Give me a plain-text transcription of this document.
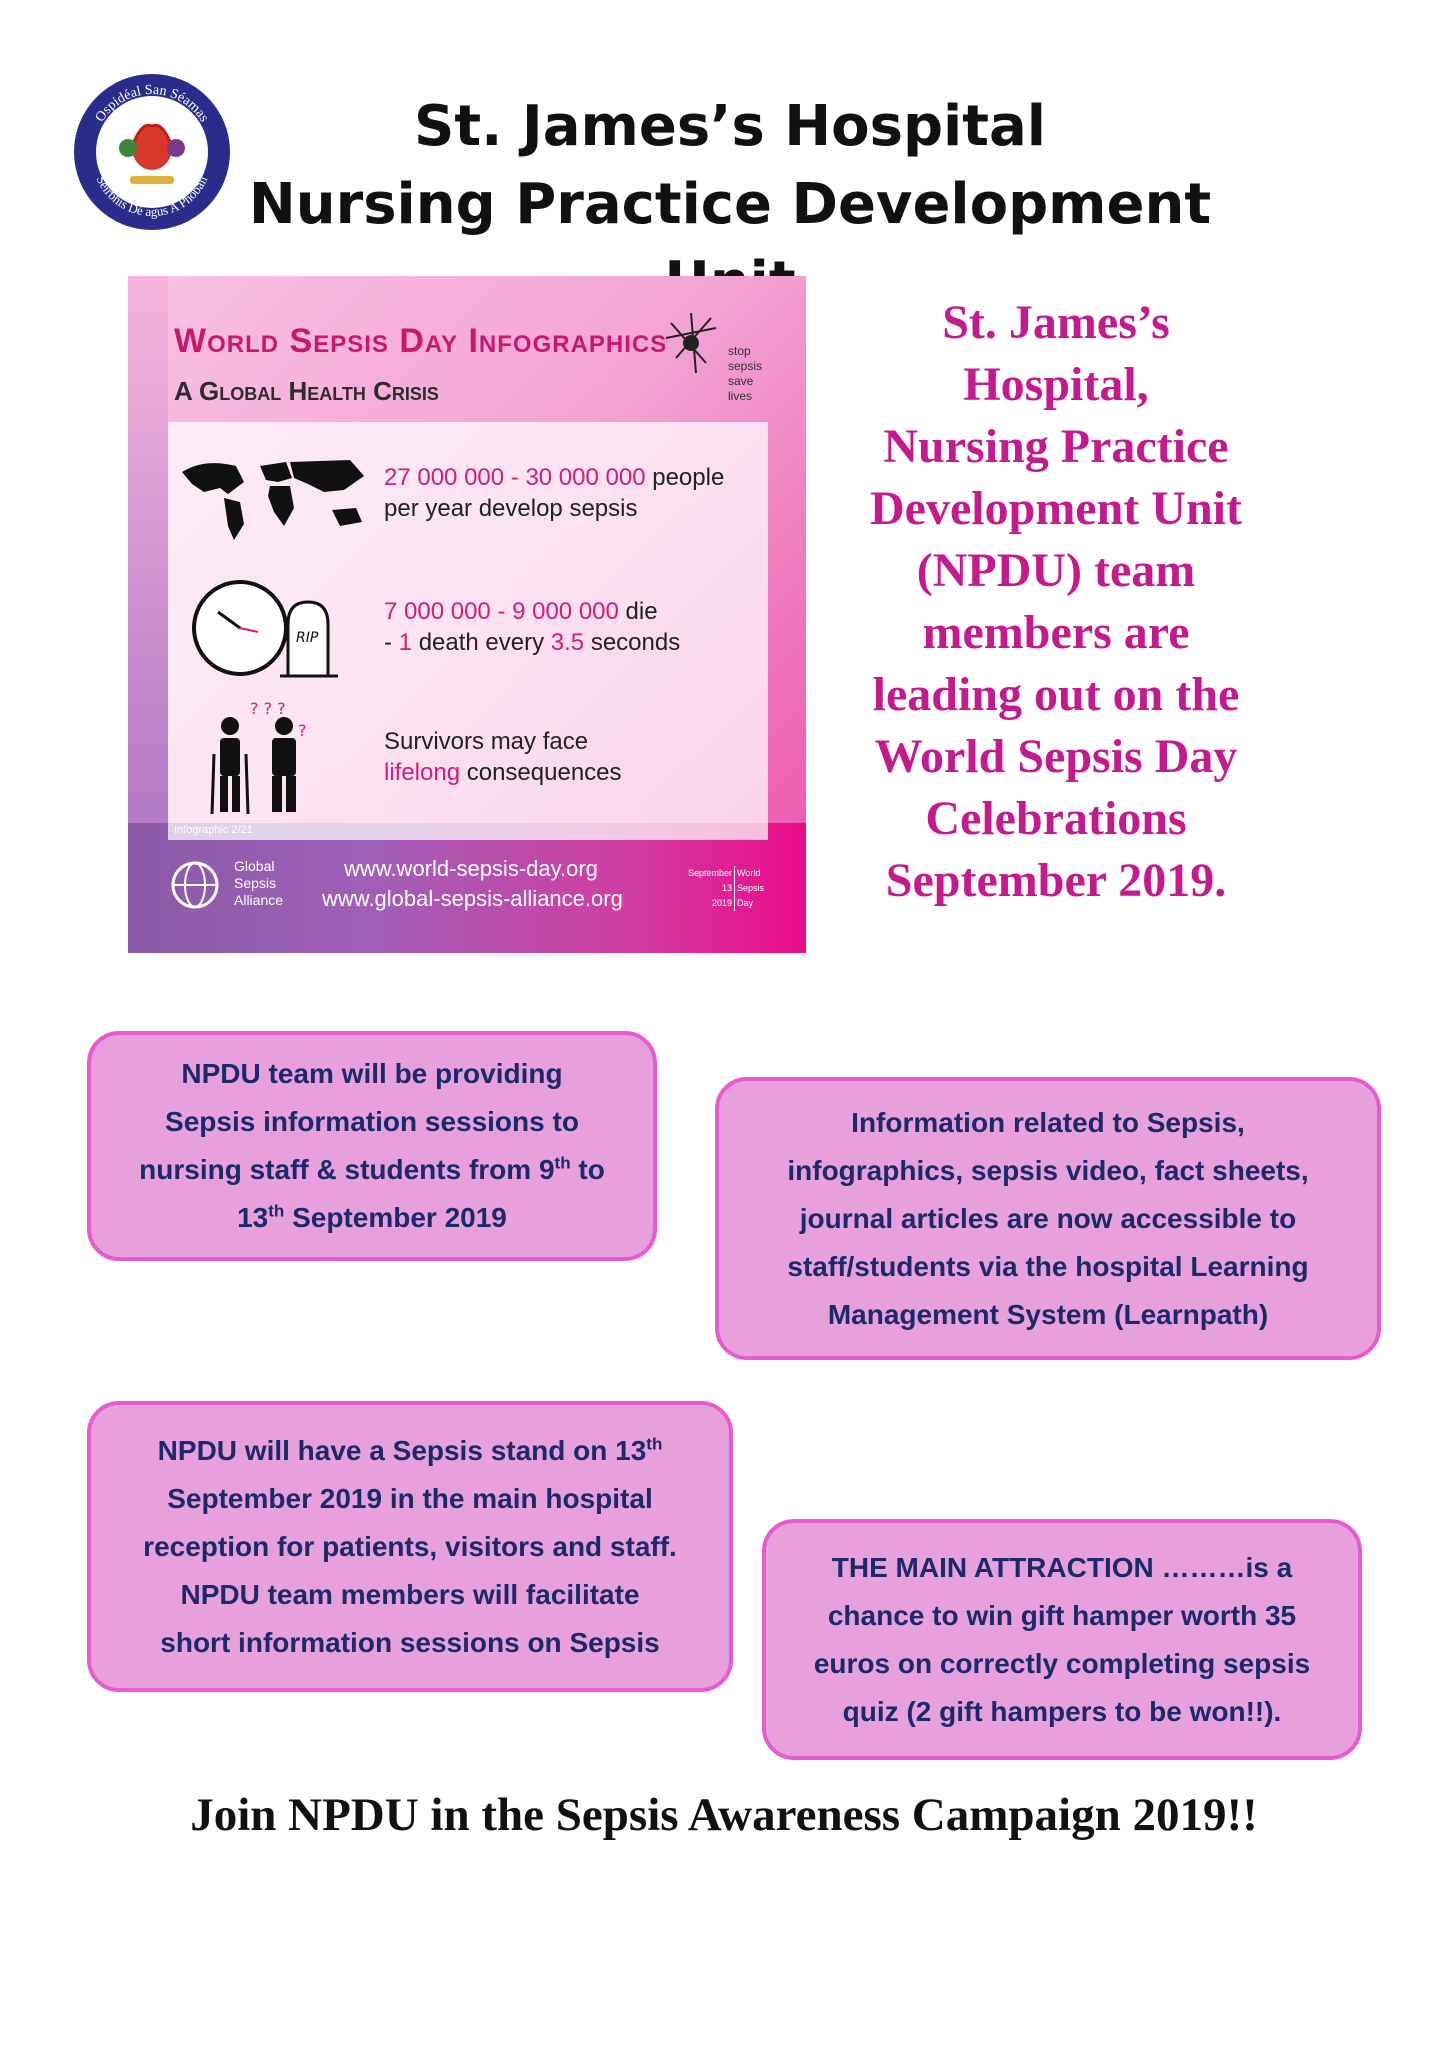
Ospidéal San Séamas
Seirbhís Dé agus A Phobail
St. James’s Hospital
Nursing Practice Development
World Sepsis Day Infographics
A Global Health Crisis
stop
sepsis
save
lives
27 000 000 - 30 000 000 people
per year develop sepsis
RIP
7 000 000 - 9 000 000 die
- 1 death every 3.5 seconds
? ? ?
?	Survivors may face
lifelong consequences
Infographic 2/21
Global
Sepsis
Alliance
www.world-sepsis-day.org
www.global-sepsis-alliance.org
September
13
2019
World
Sepsis
Day
St. James’s
Hospital,
Nursing Practice
Development Unit
(NPDU) team
members are
leading out on the
World Sepsis Day
Celebrations
September 2019.
NPDU team will be providing
Sepsis information sessions to
nursing staff & students from 9th to
13th September 2019
Information related to Sepsis,
infographics, sepsis video, fact sheets,
journal articles are now accessible to
staff/students via the hospital Learning
Management System (Learnpath)
NPDU will have a Sepsis stand on 13th
September 2019 in the main hospital
reception for patients, visitors and staff.
NPDU team members will facilitate
short information sessions on Sepsis
THE MAIN ATTRACTION ………is a
chance to win gift hamper worth 35
euros on correctly completing sepsis
quiz (2 gift hampers to be won!!).
Join NPDU in the Sepsis Awareness Campaign 2019!!
